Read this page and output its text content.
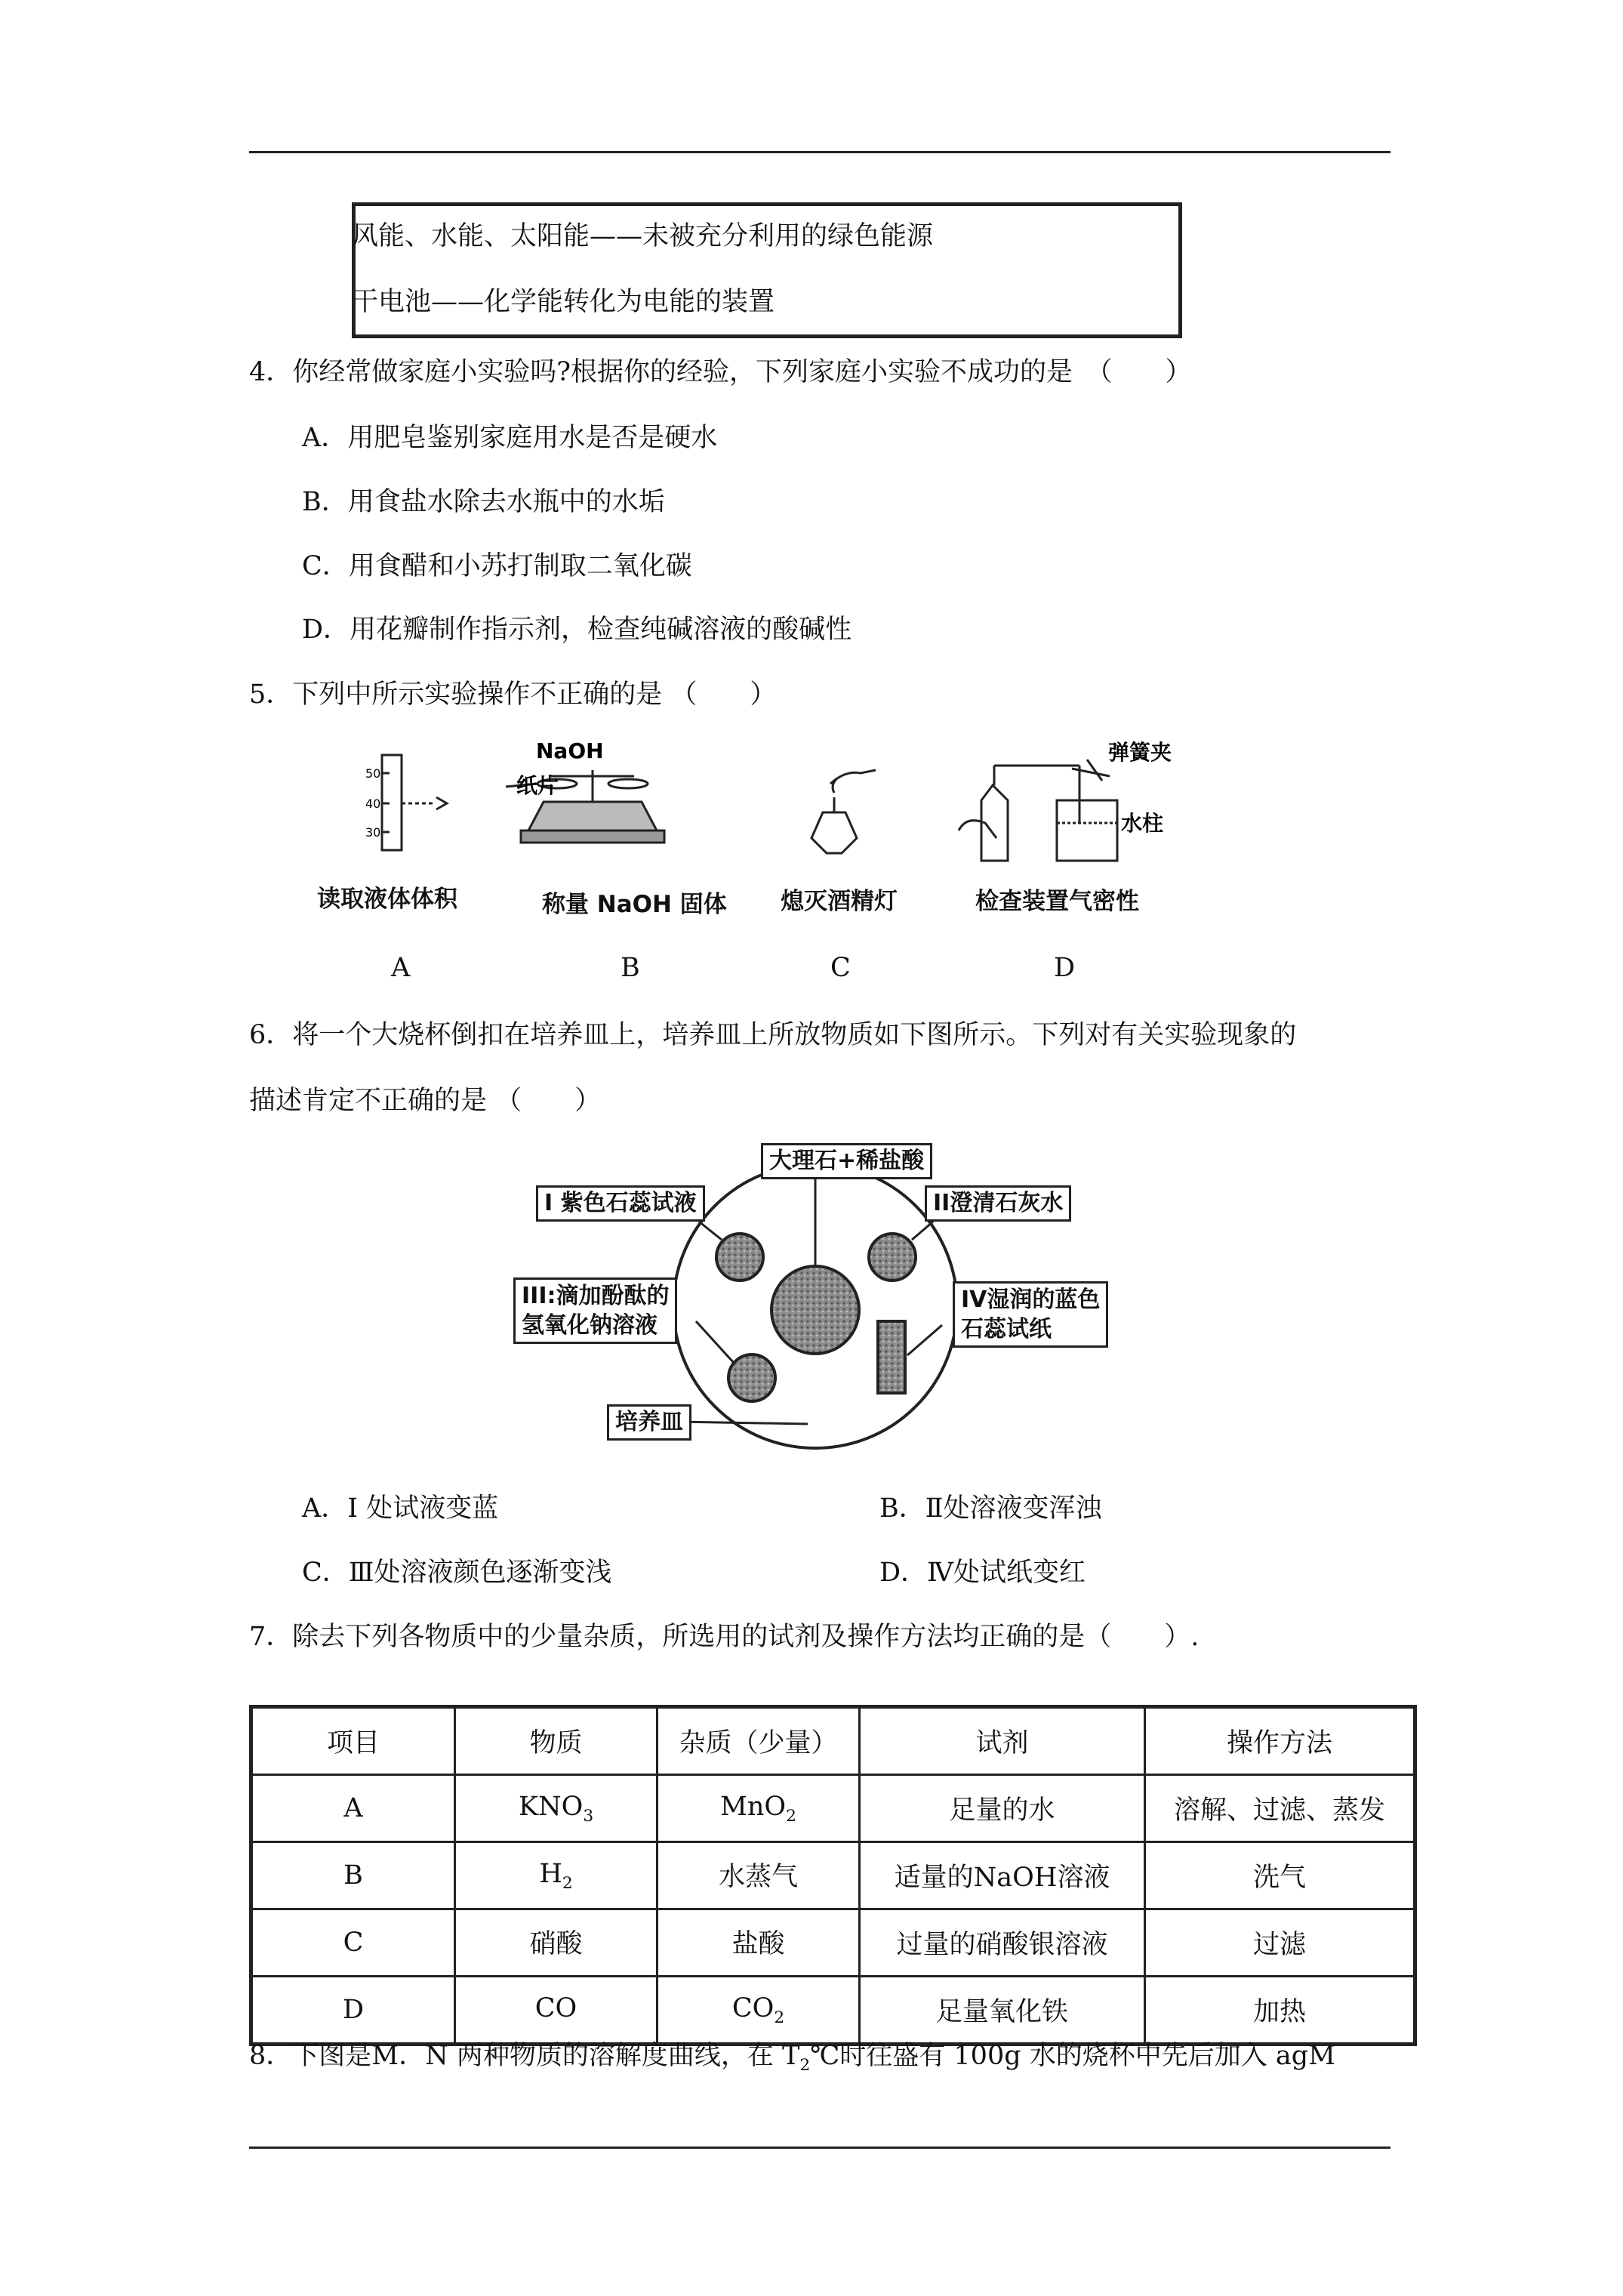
风能、水能、太阳能——未被充分利用的绿色能源
干电池——化学能转化为电能的装置
4．你经常做家庭小实验吗?根据你的经验，下列家庭小实验不成功的是　（　　）
A．用肥皂鉴别家庭用水是否是硬水
B．用食盐水除去水瓶中的水垢
C．用食醋和小苏打制取二氧化碳
D．用花瓣制作指示剂，检查纯碱溶液的酸碱性
5．下列中所示实验操作不正确的是 （　　）
50
40
30
NaOH
纸片
弹簧夹
水柱
读取液体体积	称量 NaOH 固体 熄灭酒精灯	检查装置气密性
A	B	C	D
6．将一个大烧杯倒扣在培养皿上，培养皿上所放物质如下图所示。下列对有关实验现象的
描述肯定不正确的是 （　　）
大理石+稀盐酸
I 紫色石蕊试液	II澄清石灰水
III:滴加酚酞的
氢氧化钠溶液
IV湿润的蓝色
石蕊试纸
培养皿
A．I 处试液变蓝	B．Ⅱ处溶液变浑浊
C．Ⅲ处溶液颜色逐渐变浅	D．Ⅳ处试纸变红
7．除去下列各物质中的少量杂质，所选用的试剂及操作方法均正确的是（　　）.
项目	物质	杂质（少量）	试剂	操作方法
A	$KNO_3$	MnO$_2$	足量的水	溶解、过滤、蒸发
B	$H_2$	水蒸气	适量的NaOH溶液	洗气
C	硝酸	盐酸	过量的硝酸银溶液	过滤
D	CO	$CO_2$	足量氧化铁	加热
8．下图是M．N 两种物质的溶解度曲线，在 $T_2℃$时往盛有 100g 水的烧杯中先后加入 agM
